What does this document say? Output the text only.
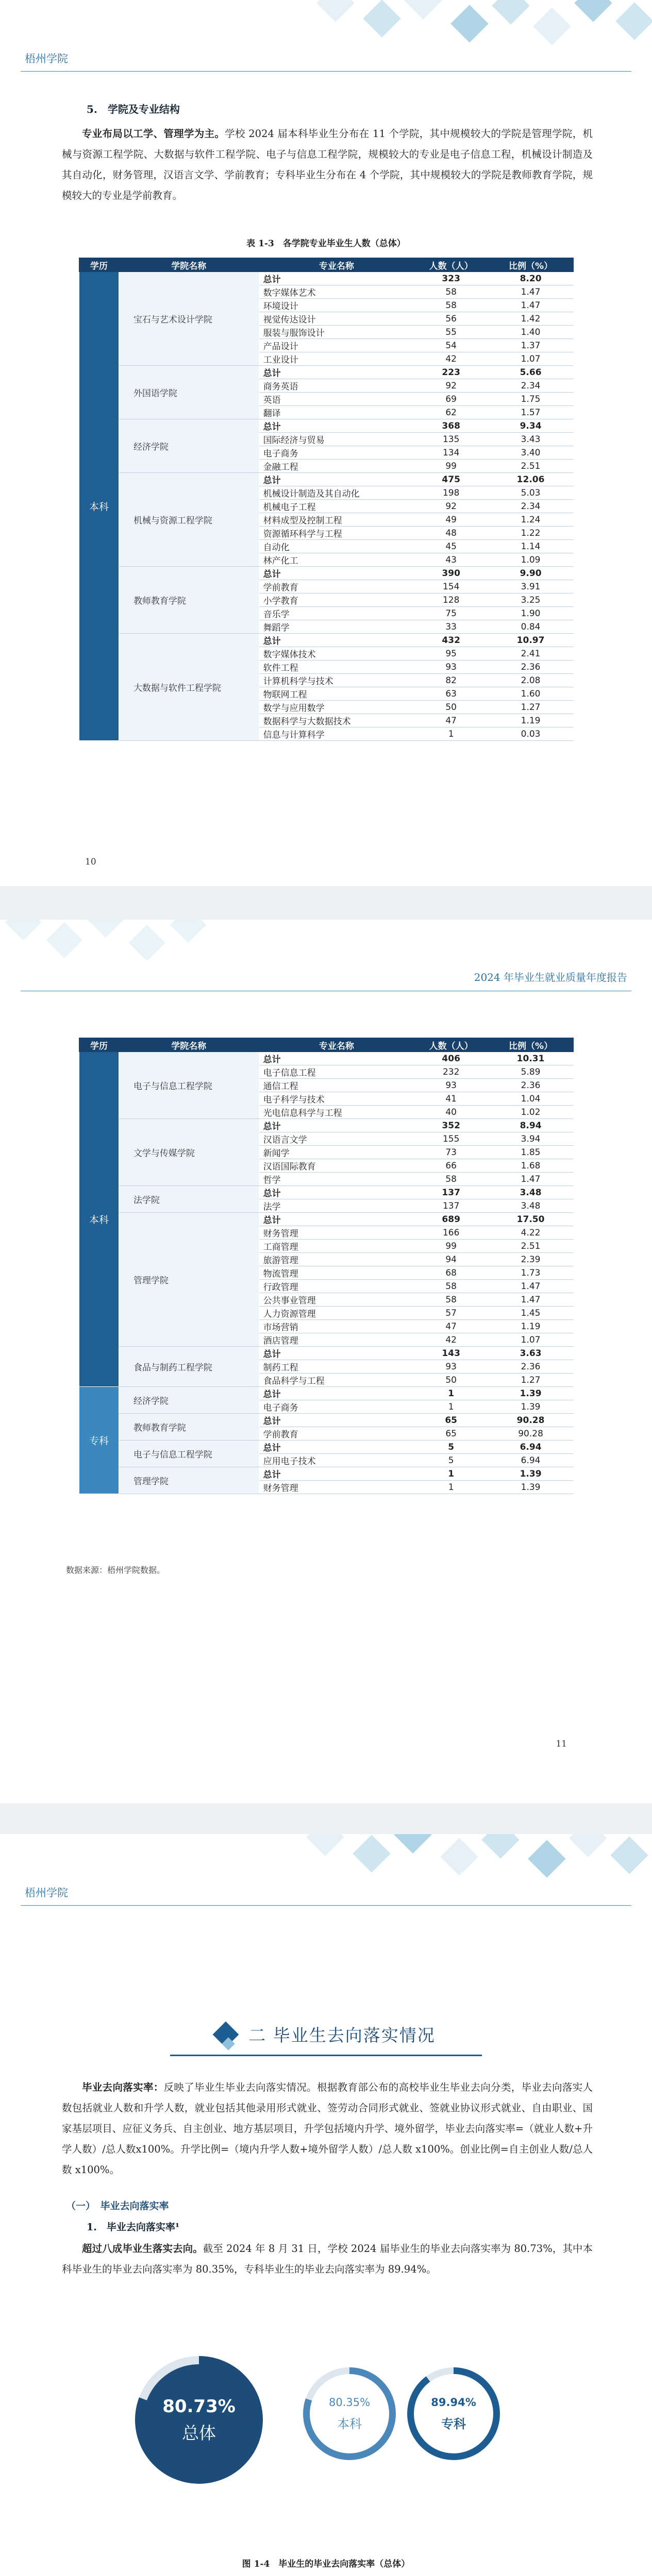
梧州学院
5.　学院及专业结构
专业布局以工学、管理学为主。学校 2024 届本科毕业生分布在 11 个学院，其中规模较大的学院是管理学院，机械与资源工程学院、大数据与软件工程学院、电子与信息工程学院，规模较大的专业是电子信息工程，机械设计制造及其自动化，财务管理，汉语言文学、学前教育；专科毕业生分布在 4 个学院，其中规模较大的学院是教师教育学院，规模较大的专业是学前教育。
表 1-3　各学院专业毕业生人数（总体）
学历	学院名称	专业名称	人数（人）	比例（%）
本科	宝石与艺术设计学院	总计	323	8.20
		数字媒体艺术	58	1.47
		环境设计	58	1.47
		视觉传达设计	56	1.42
		服装与服饰设计	55	1.40
		产品设计	54	1.37
		工业设计	42	1.07
	外国语学院	总计	223	5.66
		商务英语	92	2.34
		英语	69	1.75
		翻译	62	1.57
	经济学院	总计	368	9.34
		国际经济与贸易	135	3.43
		电子商务	134	3.40
		金融工程	99	2.51
	机械与资源工程学院	总计	475	12.06
		机械设计制造及其自动化	198	5.03
		机械电子工程	92	2.34
		材料成型及控制工程	49	1.24
		资源循环科学与工程	48	1.22
		自动化	45	1.14
		林产化工	43	1.09
	教师教育学院	总计	390	9.90
		学前教育	154	3.91
		小学教育	128	3.25
		音乐学	75	1.90
		舞蹈学	33	0.84
	大数据与软件工程学院	总计	432	10.97
		数字媒体技术	95	2.41
		软件工程	93	2.36
		计算机科学与技术	82	2.08
		物联网工程	63	1.60
		数学与应用数学	50	1.27
		数据科学与大数据技术	47	1.19
		信息与计算科学	1	0.03
10
2024 年毕业生就业质量年度报告
学历	学院名称	专业名称	人数（人）	比例（%）
本科	电子与信息工程学院	总计	406	10.31
		电子信息工程	232	5.89
		通信工程	93	2.36
		电子科学与技术	41	1.04
		光电信息科学与工程	40	1.02
	文学与传媒学院	总计	352	8.94
		汉语言文学	155	3.94
		新闻学	73	1.85
		汉语国际教育	66	1.68
		哲学	58	1.47
	法学院	总计	137	3.48
		法学	137	3.48
	管理学院	总计	689	17.50
		财务管理	166	4.22
		工商管理	99	2.51
		旅游管理	94	2.39
		物流管理	68	1.73
		行政管理	58	1.47
		公共事业管理	58	1.47
		人力资源管理	57	1.45
		市场营销	47	1.19
		酒店管理	42	1.07
	食品与制药工程学院	总计	143	3.63
		制药工程	93	2.36
		食品科学与工程	50	1.27
专科	经济学院	总计	1	1.39
		电子商务	1	1.39
	教师教育学院	总计	65	90.28
		学前教育	65	90.28
	电子与信息工程学院	总计	5	6.94
		应用电子技术	5	6.94
	管理学院	总计	1	1.39
		财务管理	1	1.39
数据来源：梧州学院数据。
11
梧州学院
二 毕业生去向落实情况
毕业去向落实率：反映了毕业生毕业去向落实情况。根据教育部公布的高校毕业生毕业去向分类，毕业去向落实人数包括就业人数和升学人数，就业包括其他录用形式就业、签劳动合同形式就业、签就业协议形式就业、自由职业、国家基层项目、应征义务兵、自主创业、地方基层项目，升学包括境内升学、境外留学，毕业去向落实率=（就业人数+升学人数）/总人数x100%。升学比例=（境内升学人数+境外留学人数）/总人数 x100%。创业比例=自主创业人数/总人数 x100%。
（一）　毕业去向落实率
1.　毕业去向落实率¹
超过八成毕业生落实去向。截至 2024 年 8 月 31 日，学校 2024 届毕业生的毕业去向落实率为 80.73%，其中本科毕业生的毕业去向落实率为 80.35%，专科毕业生的毕业去向落实率为 89.94%。
80.73%
总体
80.35%
本科
89.94%
专科
图 1-4　毕业生的毕业去向落实率（总体）
